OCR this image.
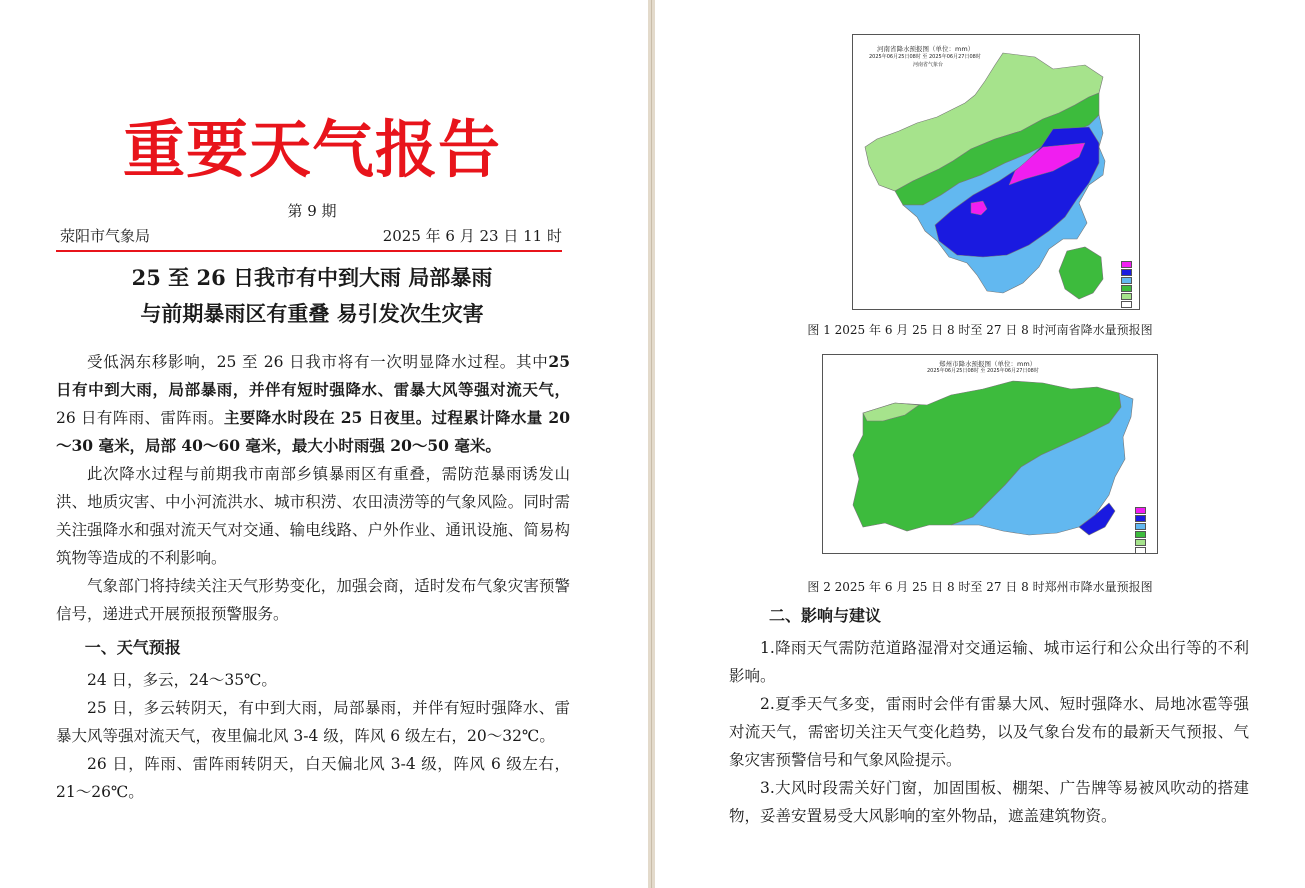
重要天气报告
第 9 期
荥阳市气象局	2025 年 6 月 23 日 11 时
25 至 26 日我市有中到大雨 局部暴雨
与前期暴雨区有重叠 易引发次生灾害

受低涡东移影响，25 至 26 日我市将有一次明显降水过程。其中25 日有中到大雨，局部暴雨，并伴有短时强降水、雷暴大风等强对流天气，26 日有阵雨、雷阵雨。主要降水时段在 25 日夜里。过程累计降水量 20～30 毫米，局部 40～60 毫米，最大小时雨强 20～50 毫米。

此次降水过程与前期我市南部乡镇暴雨区有重叠，需防范暴雨诱发山洪、地质灾害、中小河流洪水、城市积涝、农田渍涝等的气象风险。同时需关注强降水和强对流天气对交通、输电线路、户外作业、通讯设施、简易构筑物等造成的不利影响。

气象部门将持续关注天气形势变化，加强会商，适时发布气象灾害预警信号，递进式开展预报预警服务。

一、天气预报

24 日，多云，24～35℃。

25 日，多云转阴天，有中到大雨，局部暴雨，并伴有短时强降水、雷暴大风等强对流天气，夜里偏北风 3-4 级，阵风 6 级左右，20～32℃。

26 日，阵雨、雷阵雨转阴天，白天偏北风 3-4 级，阵风 6 级左右，21～26℃。

河南省降水预报图（单位：mm）
2025年06月25日08时 至 2025年06月27日08时
河南省气象台
图 1 2025 年 6 月 25 日 8 时至 27 日 8 时河南省降水量预报图
郑州市降水预报图（单位：mm）
2025年06月25日08时 至 2025年06月27日08时
图 2 2025 年 6 月 25 日 8 时至 27 日 8 时郑州市降水量预报图
二、影响与建议

1.降雨天气需防范道路湿滑对交通运输、城市运行和公众出行等的不利影响。

2.夏季天气多变，雷雨时会伴有雷暴大风、短时强降水、局地冰雹等强对流天气，需密切关注天气变化趋势，以及气象台发布的最新天气预报、气象灾害预警信号和气象风险提示。

3.大风时段需关好门窗，加固围板、棚架、广告牌等易被风吹动的搭建物，妥善安置易受大风影响的室外物品，遮盖建筑物资。
